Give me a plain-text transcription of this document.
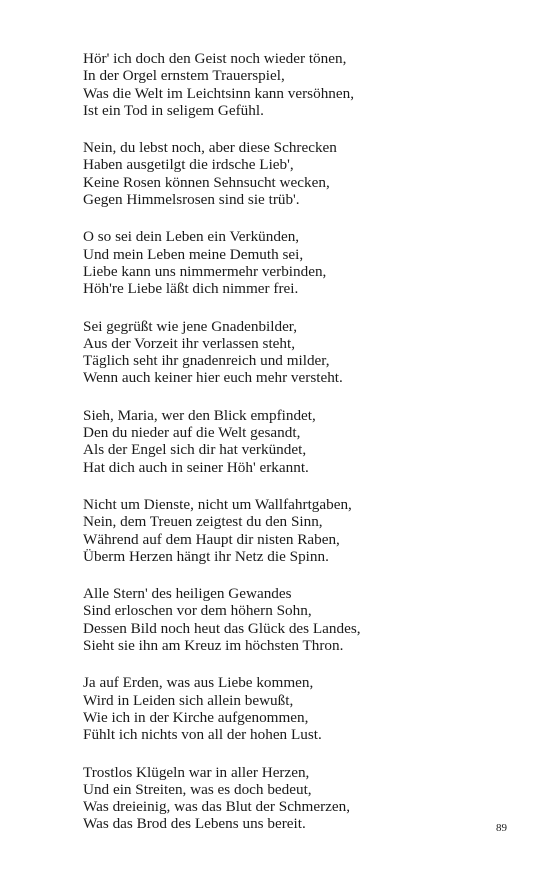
Hör' ich doch den Geist noch wieder tönen,
In der Orgel ernstem Trauerspiel,
Was die Welt im Leichtsinn kann versöhnen,
Ist ein Tod in seligem Gefühl.
Nein, du lebst noch, aber diese Schrecken
Haben ausgetilgt die irdsche Lieb',
Keine Rosen können Sehnsucht wecken,
Gegen Himmelsrosen sind sie trüb'.
O so sei dein Leben ein Verkünden,
Und mein Leben meine Demuth sei,
Liebe kann uns nimmermehr verbinden,
Höh're Liebe läßt dich nimmer frei.
Sei gegrüßt wie jene Gnadenbilder,
Aus der Vorzeit ihr verlassen steht,
Täglich seht ihr gnadenreich und milder,
Wenn auch keiner hier euch mehr versteht.
Sieh, Maria, wer den Blick empfindet,
Den du nieder auf die Welt gesandt,
Als der Engel sich dir hat verkündet,
Hat dich auch in seiner Höh' erkannt.
Nicht um Dienste, nicht um Wallfahrtgaben,
Nein, dem Treuen zeigtest du den Sinn,
Während auf dem Haupt dir nisten Raben,
Überm Herzen hängt ihr Netz die Spinn.
Alle Stern' des heiligen Gewandes
Sind erloschen vor dem höhern Sohn,
Dessen Bild noch heut das Glück des Landes,
Sieht sie ihn am Kreuz im höchsten Thron.
Ja auf Erden, was aus Liebe kommen,
Wird in Leiden sich allein bewußt,
Wie ich in der Kirche aufgenommen,
Fühlt ich nichts von all der hohen Lust.
Trostlos Klügeln war in aller Herzen,
Und ein Streiten, was es doch bedeut,
Was dreieinig, was das Blut der Schmerzen,
Was das Brod des Lebens uns bereit.	89
